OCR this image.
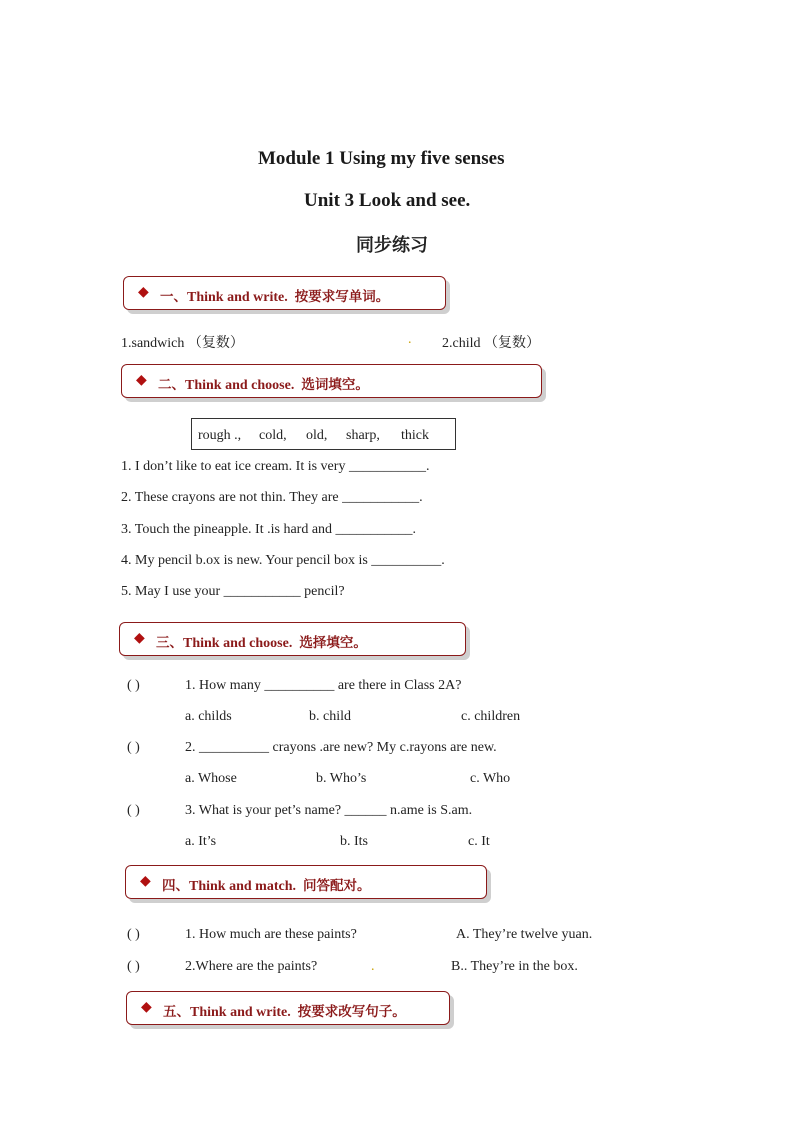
Module 1 Using my five senses
Unit 3 Look and see.
同步练习
◆ 一、Think and write. 按要求写单词。
1.sandwich （复数）	. 2.child （复数）
◆ 二、Think and choose. 选词填空。
rough ., cold, old, sharp, thick
1. I don’t like to eat ice cream. It is very ___________.
2. These crayons are not thin. They are ___________.
3. Touch the pineapple. It .is hard and ___________.
4. My pencil b.ox is new. Your pencil box is __________.
5. May I use your ___________ pencil?
◆ 三、Think and choose. 选择填空。
( )	1. How many __________ are there in Class 2A?
a. childs	b. child	c. children
( )	2. __________ crayons .are new? My c.rayons are new.
a. Whose	b. Who’s	c. Who
( )	3. What is your pet’s name? ______ n.ame is S.am.
a. It’s	b. Its	c. It
◆ 四、Think and match. 问答配对。
( )	1. How much are these paints?	A. They’re twelve yuan.
( )	2.Where are the paints?	.	B.. They’re in the box.
◆ 五、Think and write. 按要求改写句子。
